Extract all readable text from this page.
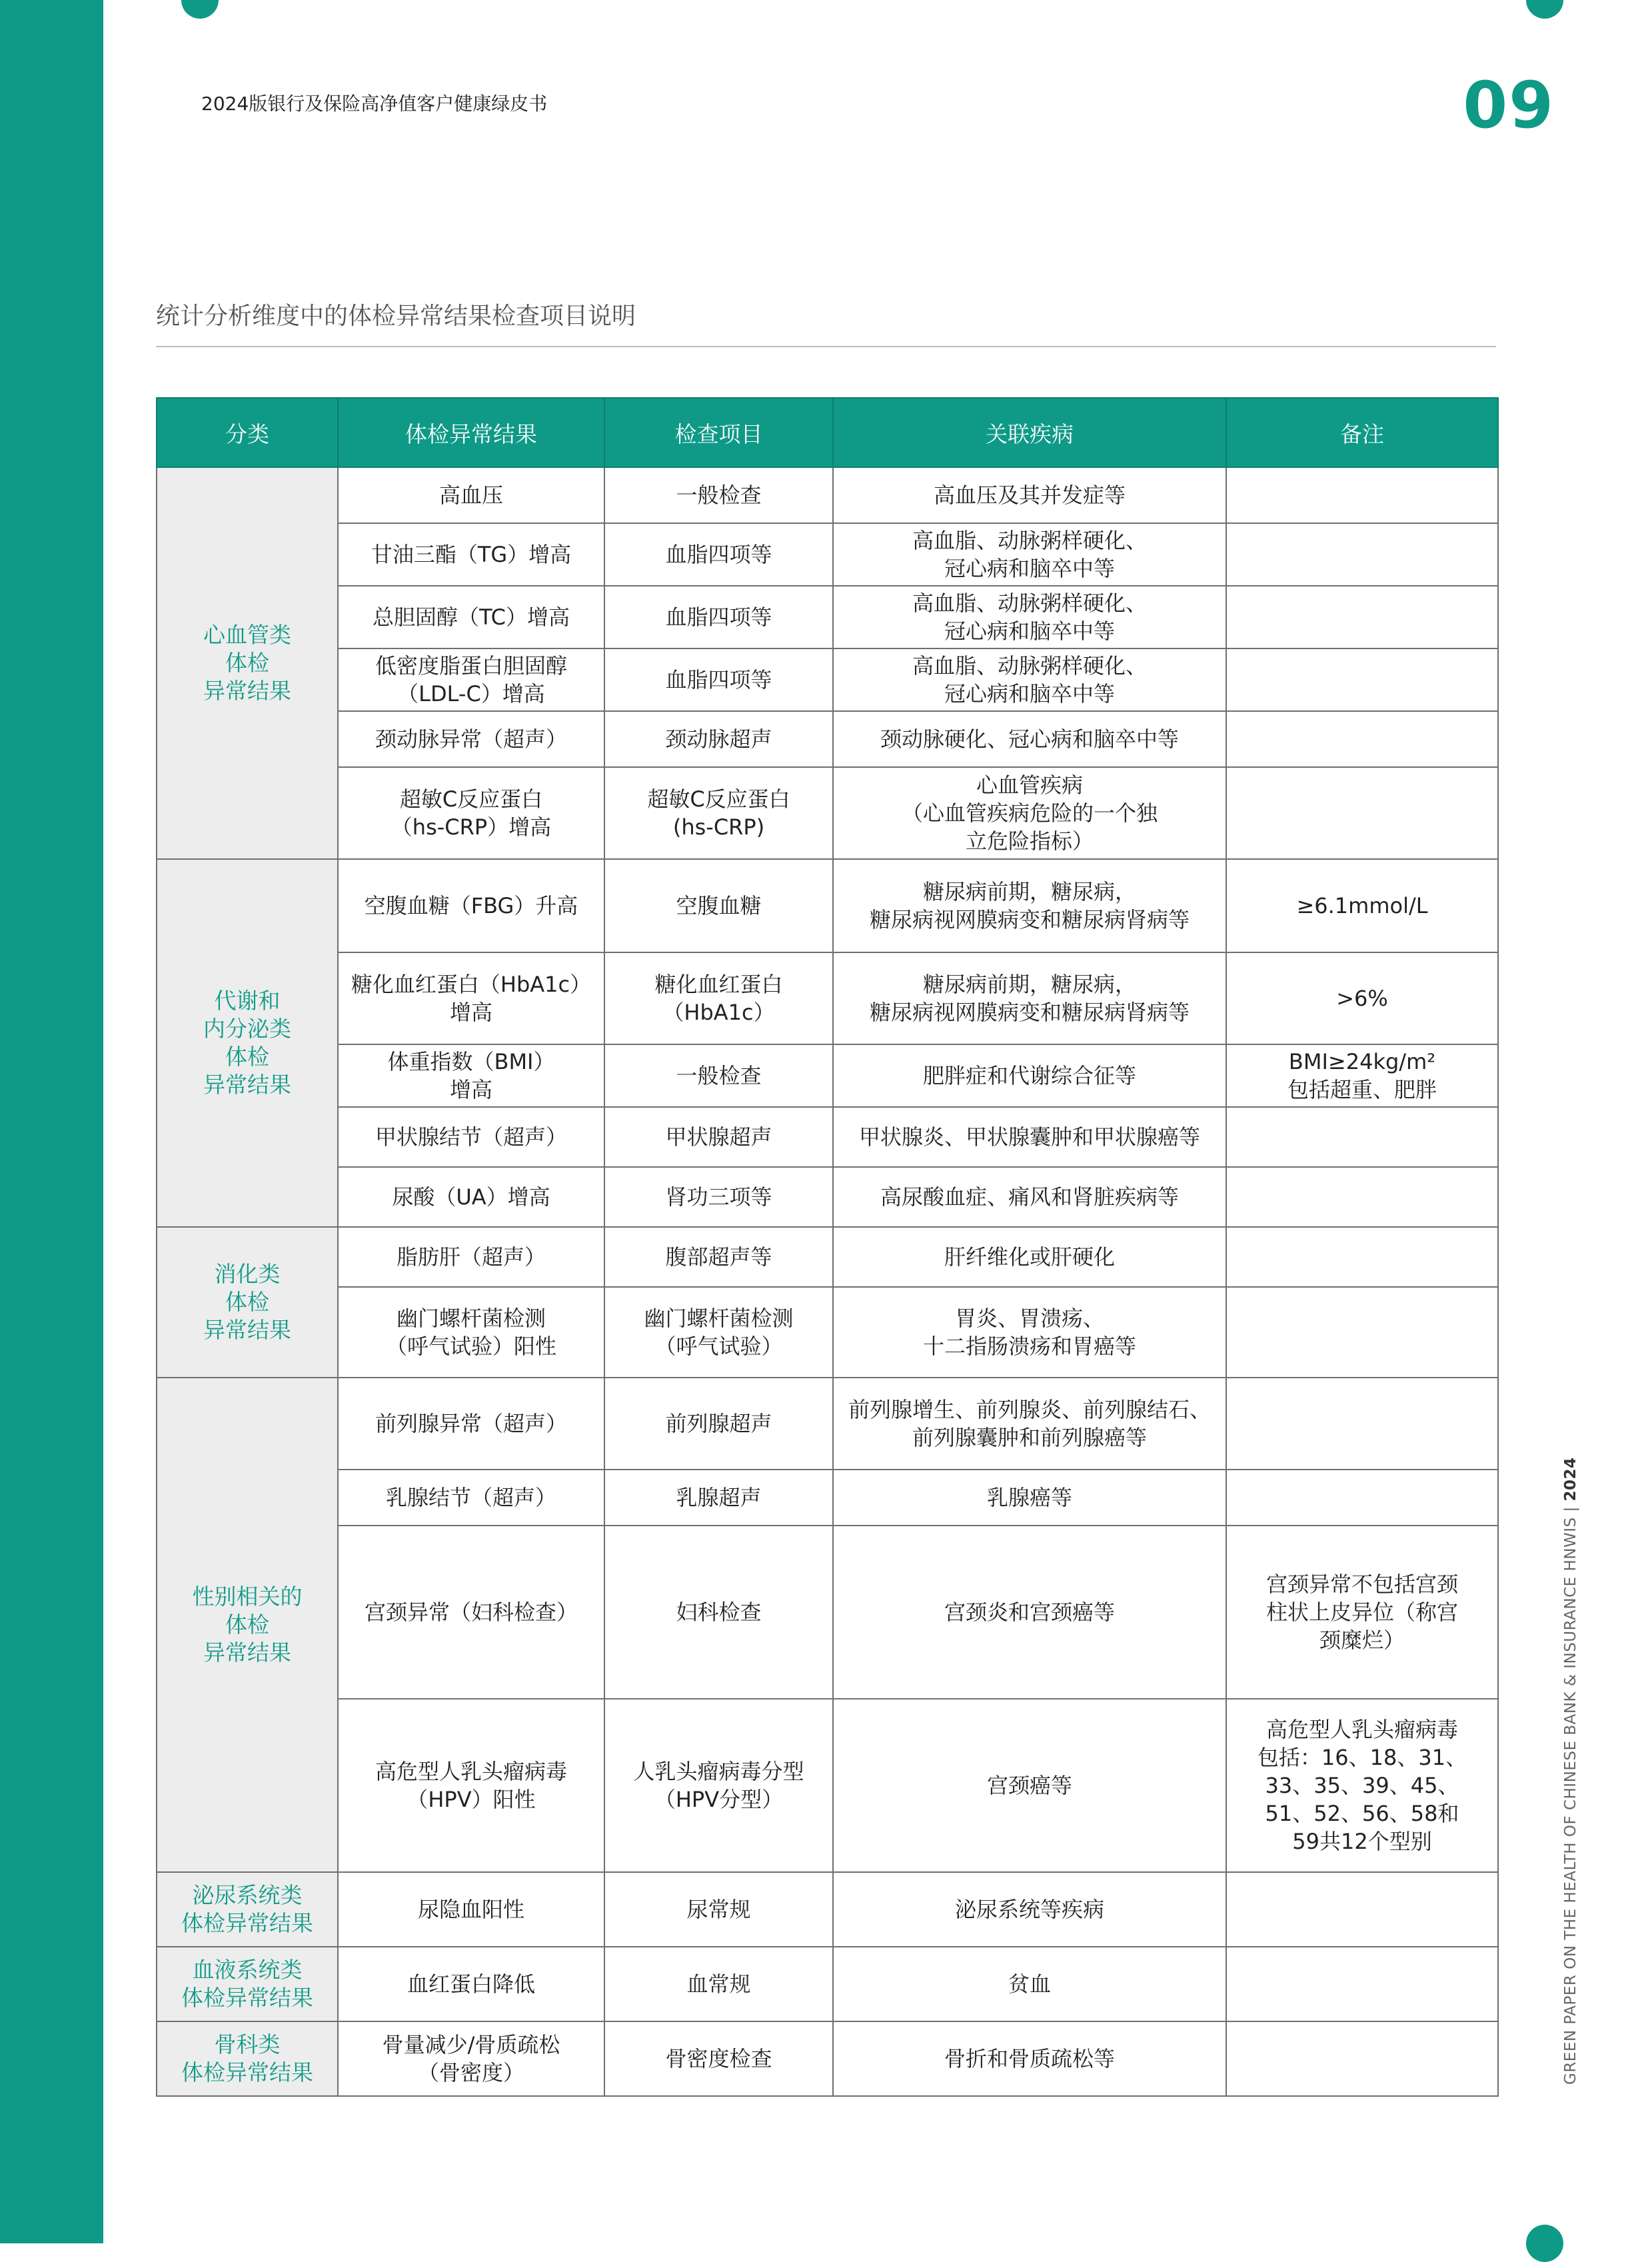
2024版银行及保险高净值客户健康绿皮书	09
统计分析维度中的体检异常结果检查项目说明
GREEN PAPER ON THE HEALTH OF CHINESE BANK & INSURANCE HNWIS | 2024
分类	体检异常结果	检查项目	关联疾病	备注

心血管类
体检
异常结果	高血压	一般检查	高血压及其并发症等	

	甘油三酯（TG）增高	血脂四项等	高血脂、动脉粥样硬化、
冠心病和脑卒中等	

	总胆固醇（TC）增高	血脂四项等	高血脂、动脉粥样硬化、
冠心病和脑卒中等	

	低密度脂蛋白胆固醇
（LDL-C）增高	血脂四项等	高血脂、动脉粥样硬化、
冠心病和脑卒中等	

	颈动脉异常（超声）	颈动脉超声	颈动脉硬化、冠心病和脑卒中等	

	超敏C反应蛋白
（hs-CRP）增高	超敏C反应蛋白
(hs-CRP)	心血管疾病
（心血管疾病危险的一个独
立危险指标）	

代谢和
内分泌类
体检
异常结果	空腹血糖（FBG）升高	空腹血糖	糖尿病前期，糖尿病，
糖尿病视网膜病变和糖尿病肾病等	≥6.1mmol/L

	糖化血红蛋白（HbA1c）
增高	糖化血红蛋白
（HbA1c）	糖尿病前期，糖尿病，
糖尿病视网膜病变和糖尿病肾病等	>6%

	体重指数（BMI）
增高	一般检查	肥胖症和代谢综合征等	BMI≥24kg/m²
包括超重、肥胖

	甲状腺结节（超声）	甲状腺超声	甲状腺炎、甲状腺囊肿和甲状腺癌等	

	尿酸（UA）增高	肾功三项等	高尿酸血症、痛风和肾脏疾病等	

消化类
体检
异常结果	脂肪肝（超声）	腹部超声等	肝纤维化或肝硬化	

	幽门螺杆菌检测
（呼气试验）阳性	幽门螺杆菌检测
（呼气试验）	胃炎、胃溃疡、
十二指肠溃疡和胃癌等	

性别相关的
体检
异常结果	前列腺异常（超声）	前列腺超声	前列腺增生、前列腺炎、前列腺结石、
前列腺囊肿和前列腺癌等	

	乳腺结节（超声）	乳腺超声	乳腺癌等	

	宫颈异常（妇科检查）	妇科检查	宫颈炎和宫颈癌等	宫颈异常不包括宫颈
柱状上皮异位（称宫
颈糜烂）

	高危型人乳头瘤病毒
（HPV）阳性	人乳头瘤病毒分型
（HPV分型）	宫颈癌等	高危型人乳头瘤病毒
包括：16、18、31、
33、35、39、45、
51、52、56、58和
59共12个型别

泌尿系统类
体检异常结果	尿隐血阳性	尿常规	泌尿系统等疾病	

血液系统类
体检异常结果	血红蛋白降低	血常规	贫血	

骨科类
体检异常结果	骨量减少/骨质疏松
（骨密度）	骨密度检查	骨折和骨质疏松等	
